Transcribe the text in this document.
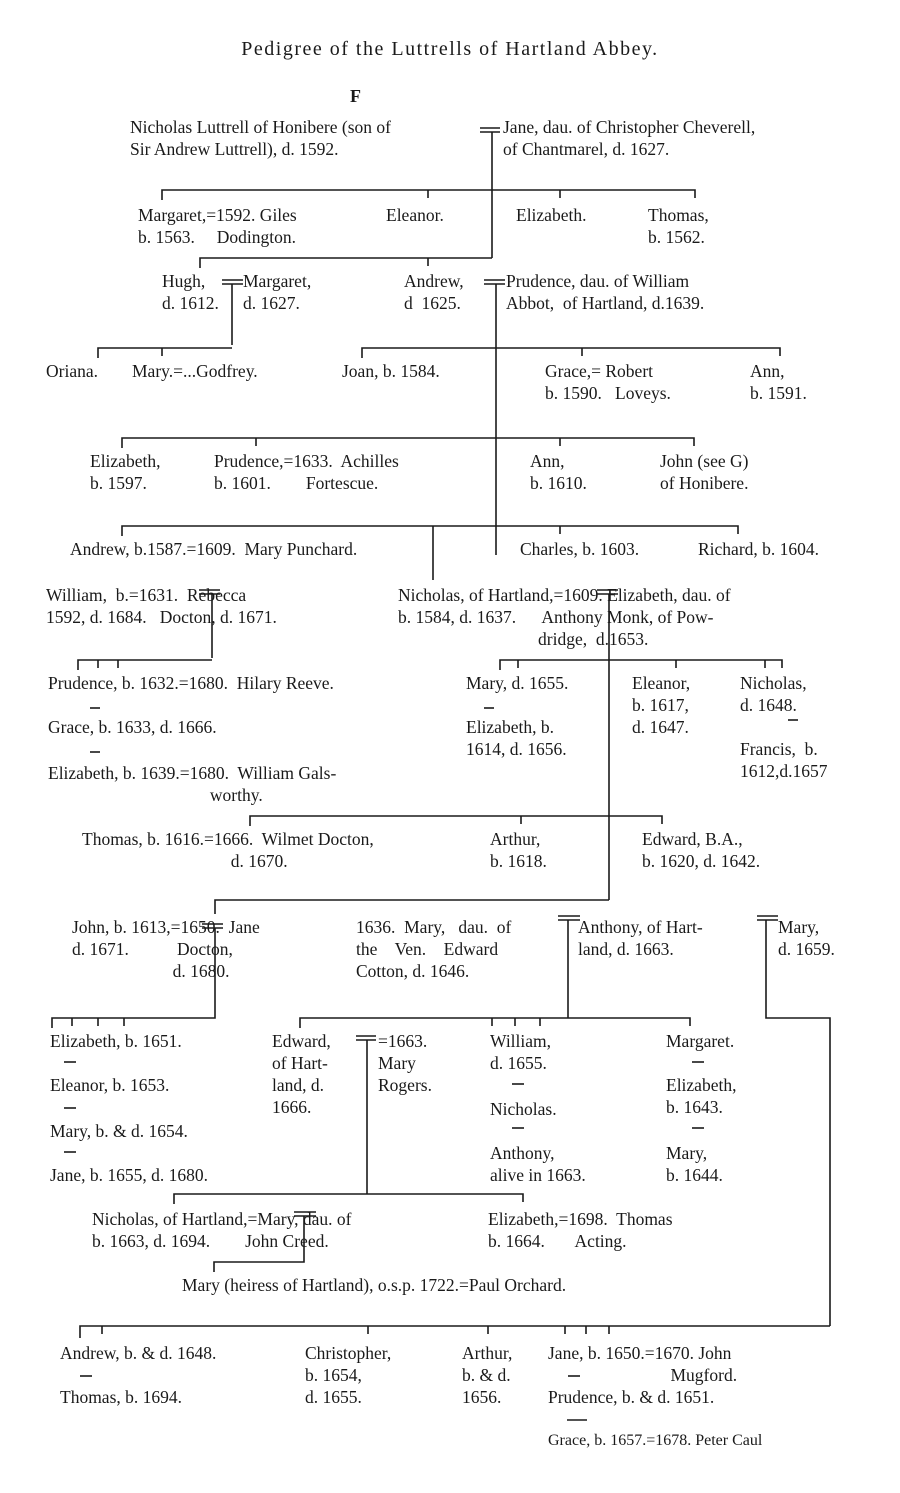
Pedigree of the Luttrells of Hartland Abbey.
F
Nicholas Luttrell of Honibere (son of
Sir Andrew Luttrell), d. 1592.
Jane, dau. of Christopher Cheverell,
of Chantmarel, d. 1627.
Margaret,=1592. Giles
b. 1563.     Dodington.
Eleanor.	Elizabeth.	Thomas,
b. 1562.
Hugh,
d. 1612.
Margaret,
d. 1627.
Andrew,
d  1625.
Prudence, dau. of William
Abbot,  of Hartland, d.1639.
Oriana. Mary.=...Godfrey.	Joan, b. 1584.	Grace,= Robert
b. 1590.   Loveys.
Ann,
b. 1591.
Elizabeth,
b. 1597.
Prudence,=1633.  Achilles
b. 1601.        Fortescue.
Ann,
b. 1610.
John (see G)
of Honibere.
Andrew, b.1587.=1609.  Mary Punchard.	Charles, b. 1603.	Richard, b. 1604.
William,  b.=1631.  Rebecca
1592, d. 1684.   Docton, d. 1671.
Nicholas, of Hartland,=1609. Elizabeth, dau. of
b. 1584, d. 1637.      Anthony Monk, of Pow-
dridge,  d.1653.
Prudence, b. 1632.=1680.  Hilary Reeve.
Grace, b. 1633, d. 1666.
Elizabeth, b. 1639.=1680.  William Gals-
worthy.
Mary, d. 1655.
Elizabeth, b.
1614, d. 1656.
Eleanor,
b. 1617,
d. 1647.
Nicholas,
d. 1648.
Francis,  b.
1612,d.1657
Thomas, b. 1616.=1666.  Wilmet Docton,
d. 1670.
Arthur,
b. 1618.
Edward, B.A.,
b. 1620, d. 1642.
John, b. 1613,=1650.  Jane
d. 1671.           Docton,
d. 1680.
1636.  Mary,   dau.  of
the    Ven.    Edward
Cotton, d. 1646.
Anthony, of Hart-
land, d. 1663.
Mary,
d. 1659.
Elizabeth, b. 1651.
Eleanor, b. 1653.
Mary, b. & d. 1654.
Jane, b. 1655, d. 1680.
Edward,
of Hart-
land, d.
1666.
=1663.
Mary
Rogers.
William,
d. 1655.
Nicholas.
Anthony,
alive in 1663.
Margaret.
Elizabeth,
b. 1643.
Mary,
b. 1644.
Nicholas, of Hartland,=Mary, dau. of
b. 1663, d. 1694.        John Creed.
Elizabeth,=1698.  Thomas
b. 1664.       Acting.
Mary (heiress of Hartland), o.s.p. 1722.=Paul Orchard.
Andrew, b. & d. 1648.
Thomas, b. 1694.
Christopher,
b. 1654,
d. 1655.
Arthur,
b. & d.
1656.
Jane, b. 1650.=1670. John
Mugford.
Prudence, b. & d. 1651.
Grace, b. 1657.=1678. Peter Caul
